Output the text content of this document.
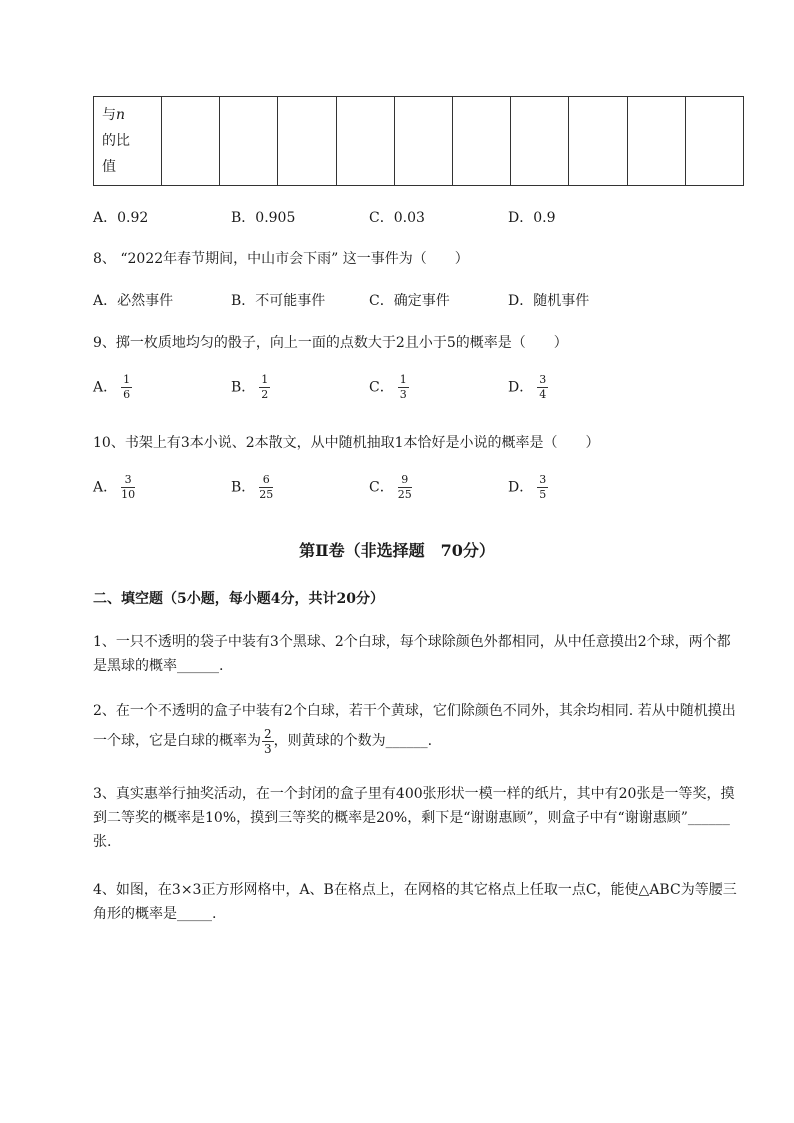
与n
的比
值										
A．0.92	B．0.905	C．0.03	D．0.9
8、 “2022年春节期间，中山市会下雨” 这一事件为（　　）
A．必然事件	B．不可能事件	C．确定事件	D．随机事件
9、掷一枚质地均匀的骰子，向上一面的点数大于2且小于5的概率是（　　）
A． $\frac{1}{6}$	B． $\frac{1}{2}$	C． $\frac{1}{3}$	D． $\frac{3}{4}$
10、书架上有3本小说、2本散文，从中随机抽取1本恰好是小说的概率是（　　）
A． $\frac{3}{10}$	B． $\frac{6}{25}$	C． $\frac{9}{25}$	D． $\frac{3}{5}$
第Ⅱ卷（非选择题　70分）
二、填空题（5小题，每小题4分，共计20分）
1、一只不透明的袋子中装有3个黑球、2个白球，每个球除颜色外都相同，从中任意摸出2个球，两个都是黑球的概率______.
2、在一个不透明的盒子中装有2个白球，若干个黄球，它们除颜色不同外，其余均相同. 若从中随机摸出一个球，它是白球的概率为 $\frac{2}{3}$ ，则黄球的个数为______.
3、真实惠举行抽奖活动，在一个封闭的盒子里有400张形状一模一样的纸片，其中有20张是一等奖，摸到二等奖的概率是10%，摸到三等奖的概率是20%，剩下是“谢谢惠顾”，则盒子中有“谢谢惠顾”______张.
4、如图，在3×3正方形网格中，A、B在格点上，在网格的其它格点上任取一点C，能使△ABC为等腰三角形的概率是_____.
